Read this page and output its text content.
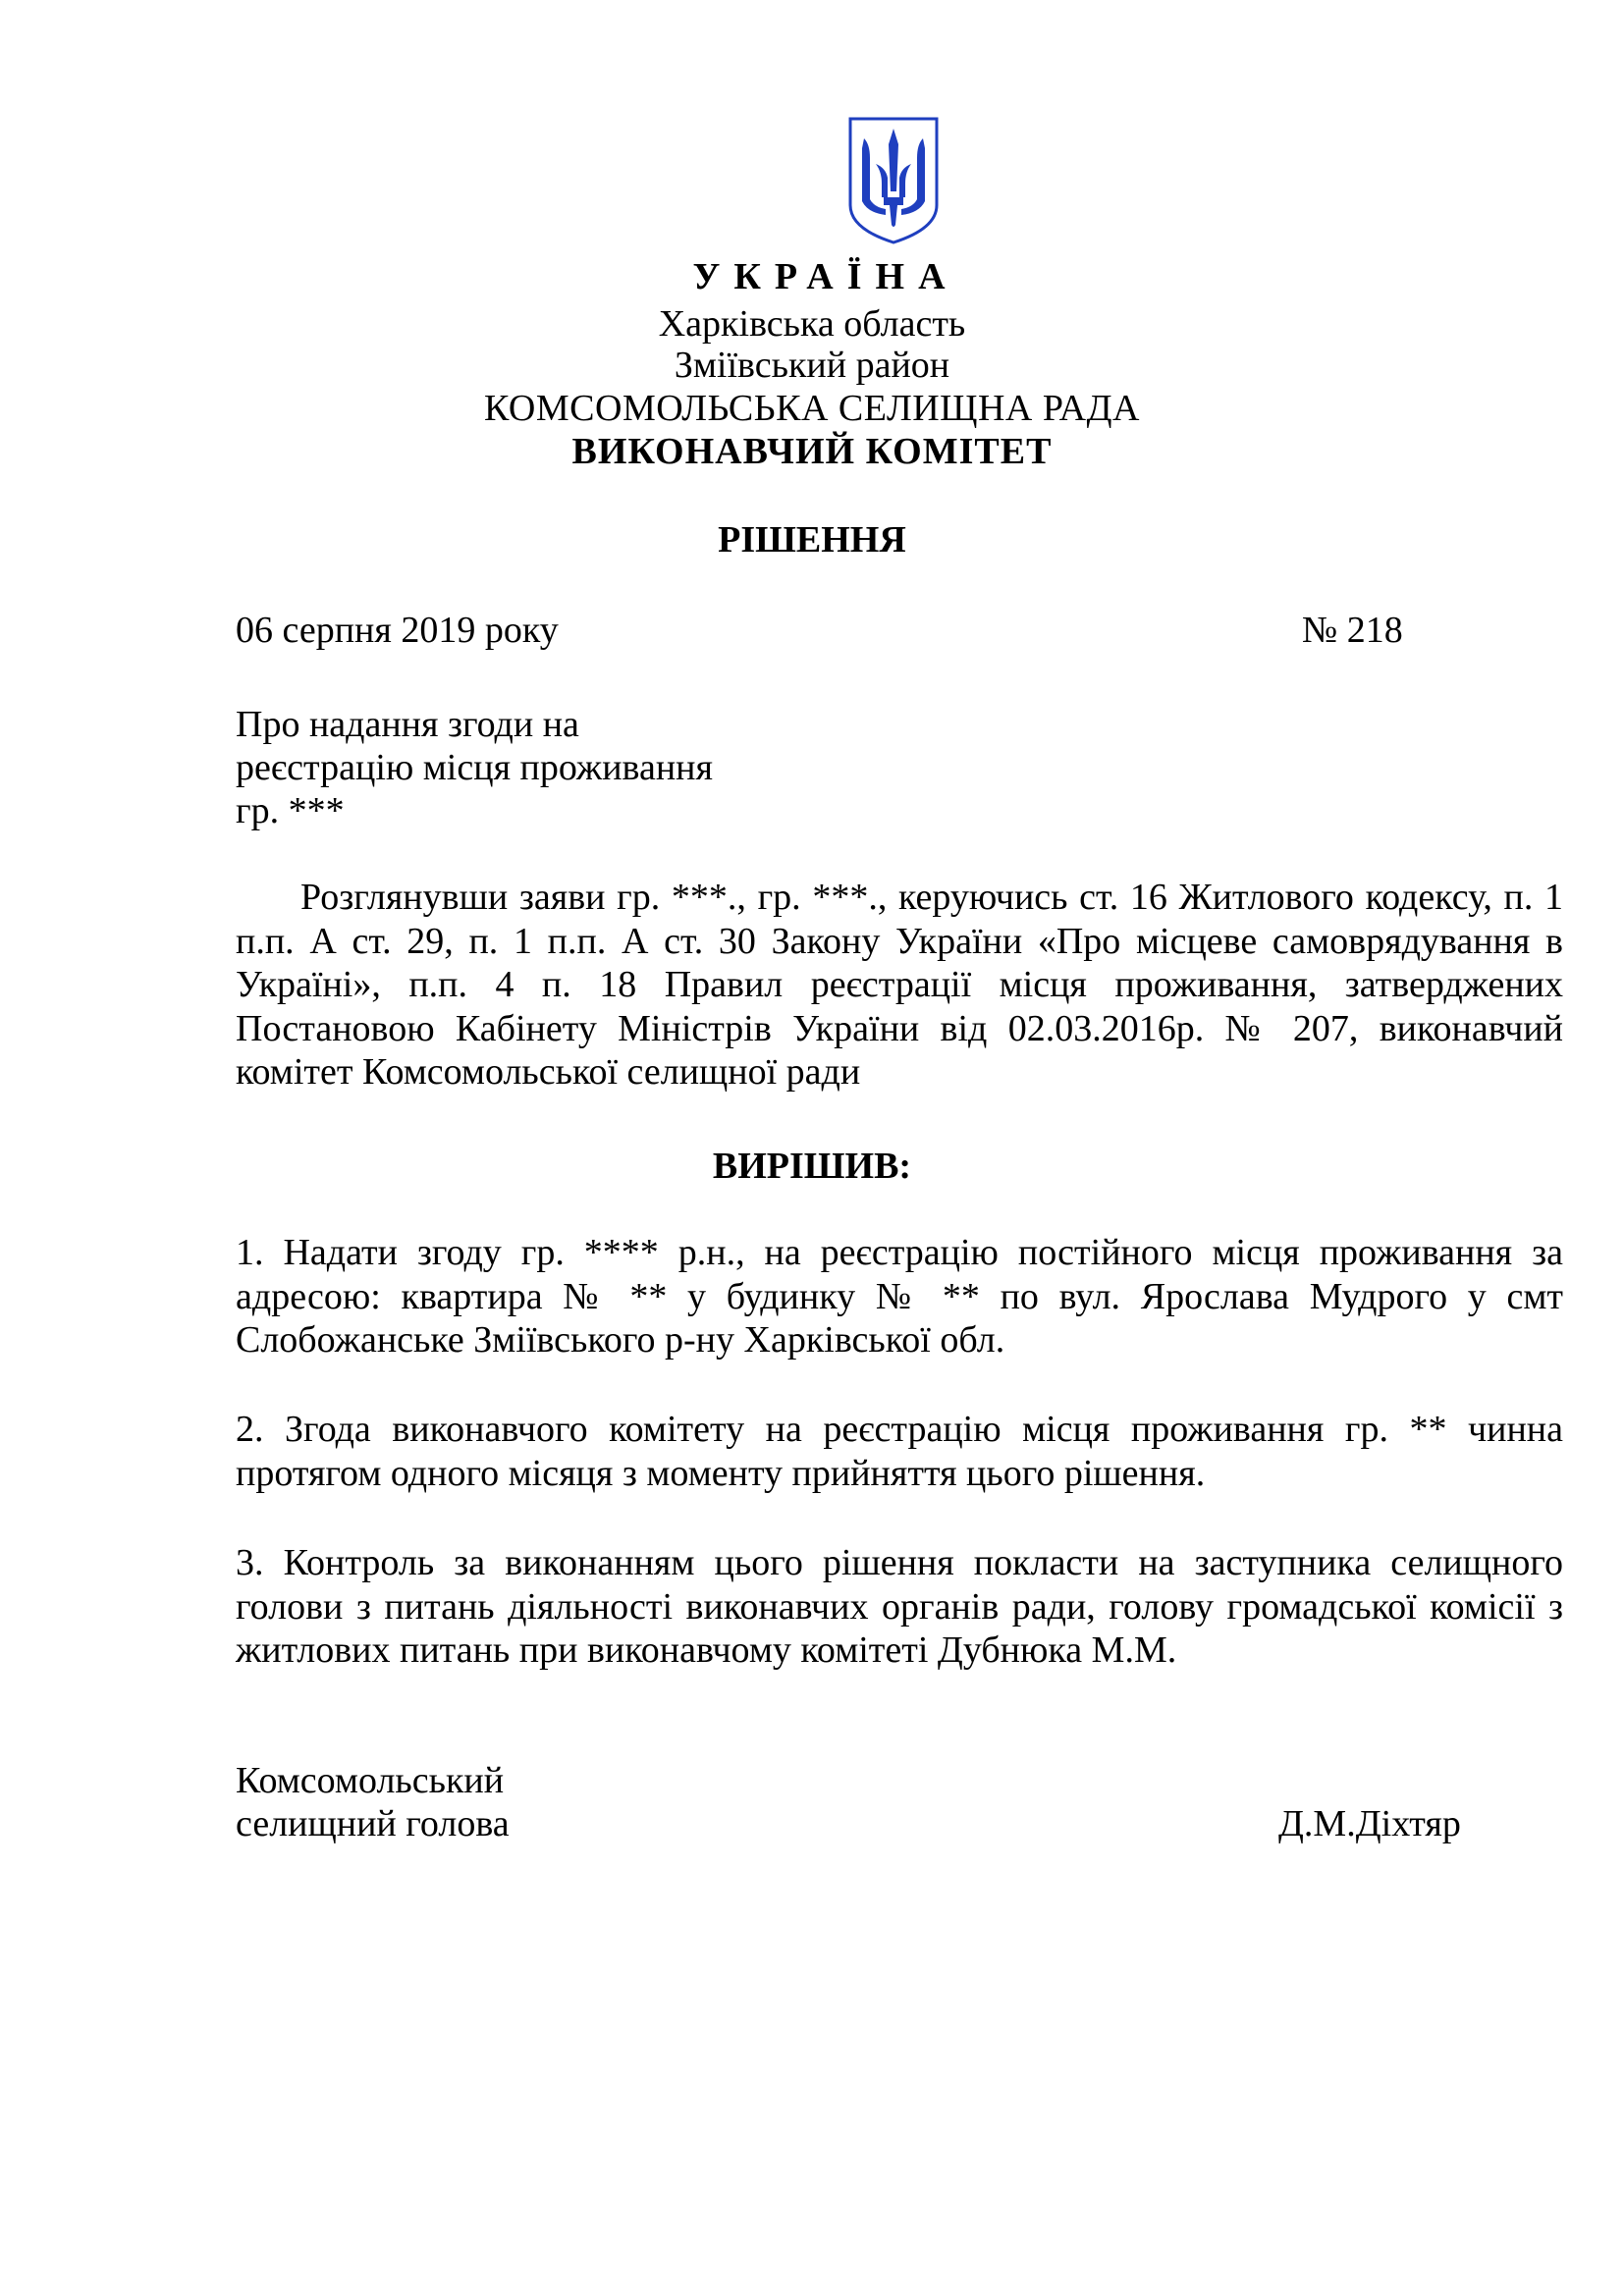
УКРАЇНА
Харківська область
Зміївський район
КОМСОМОЛЬСЬКА СЕЛИЩНА РАДА
ВИКОНАВЧИЙ КОМІТЕТ
РІШЕННЯ
06 серпня 2019 року	№ 218
Про надання згоди на
реєстрацію місця проживання
гр. ***
Розглянувши заяви гр. ***., гр. ***., керуючись ст. 16 Житлового кодексу, п. 1 п.п. А ст. 29, п. 1 п.п. А ст. 30 Закону України «Про місцеве самоврядування в Україні», п.п. 4 п. 18 Правил реєстрації місця проживання, затверджених Постановою Кабінету Міністрів України від 02.03.2016р. № 207, виконавчий комітет Комсомольської селищної ради
ВИРІШИВ:
1. Надати згоду гр. **** р.н., на реєстрацію постійного місця проживання за адресою: квартира № ** у будинку № ** по вул. Ярослава Мудрого у смт Слобожанське Зміївського р-ну Харківської обл.
2. Згода виконавчого комітету на реєстрацію місця проживання гр. ** чинна протягом одного місяця з моменту прийняття цього рішення.
3. Контроль за виконанням цього рішення покласти на заступника селищного голови з питань діяльності виконавчих органів ради, голову громадської комісії з житлових питань при виконавчому комітеті Дубнюка М.М.
Комсомольський
селищний голова	Д.М.Діхтяр
